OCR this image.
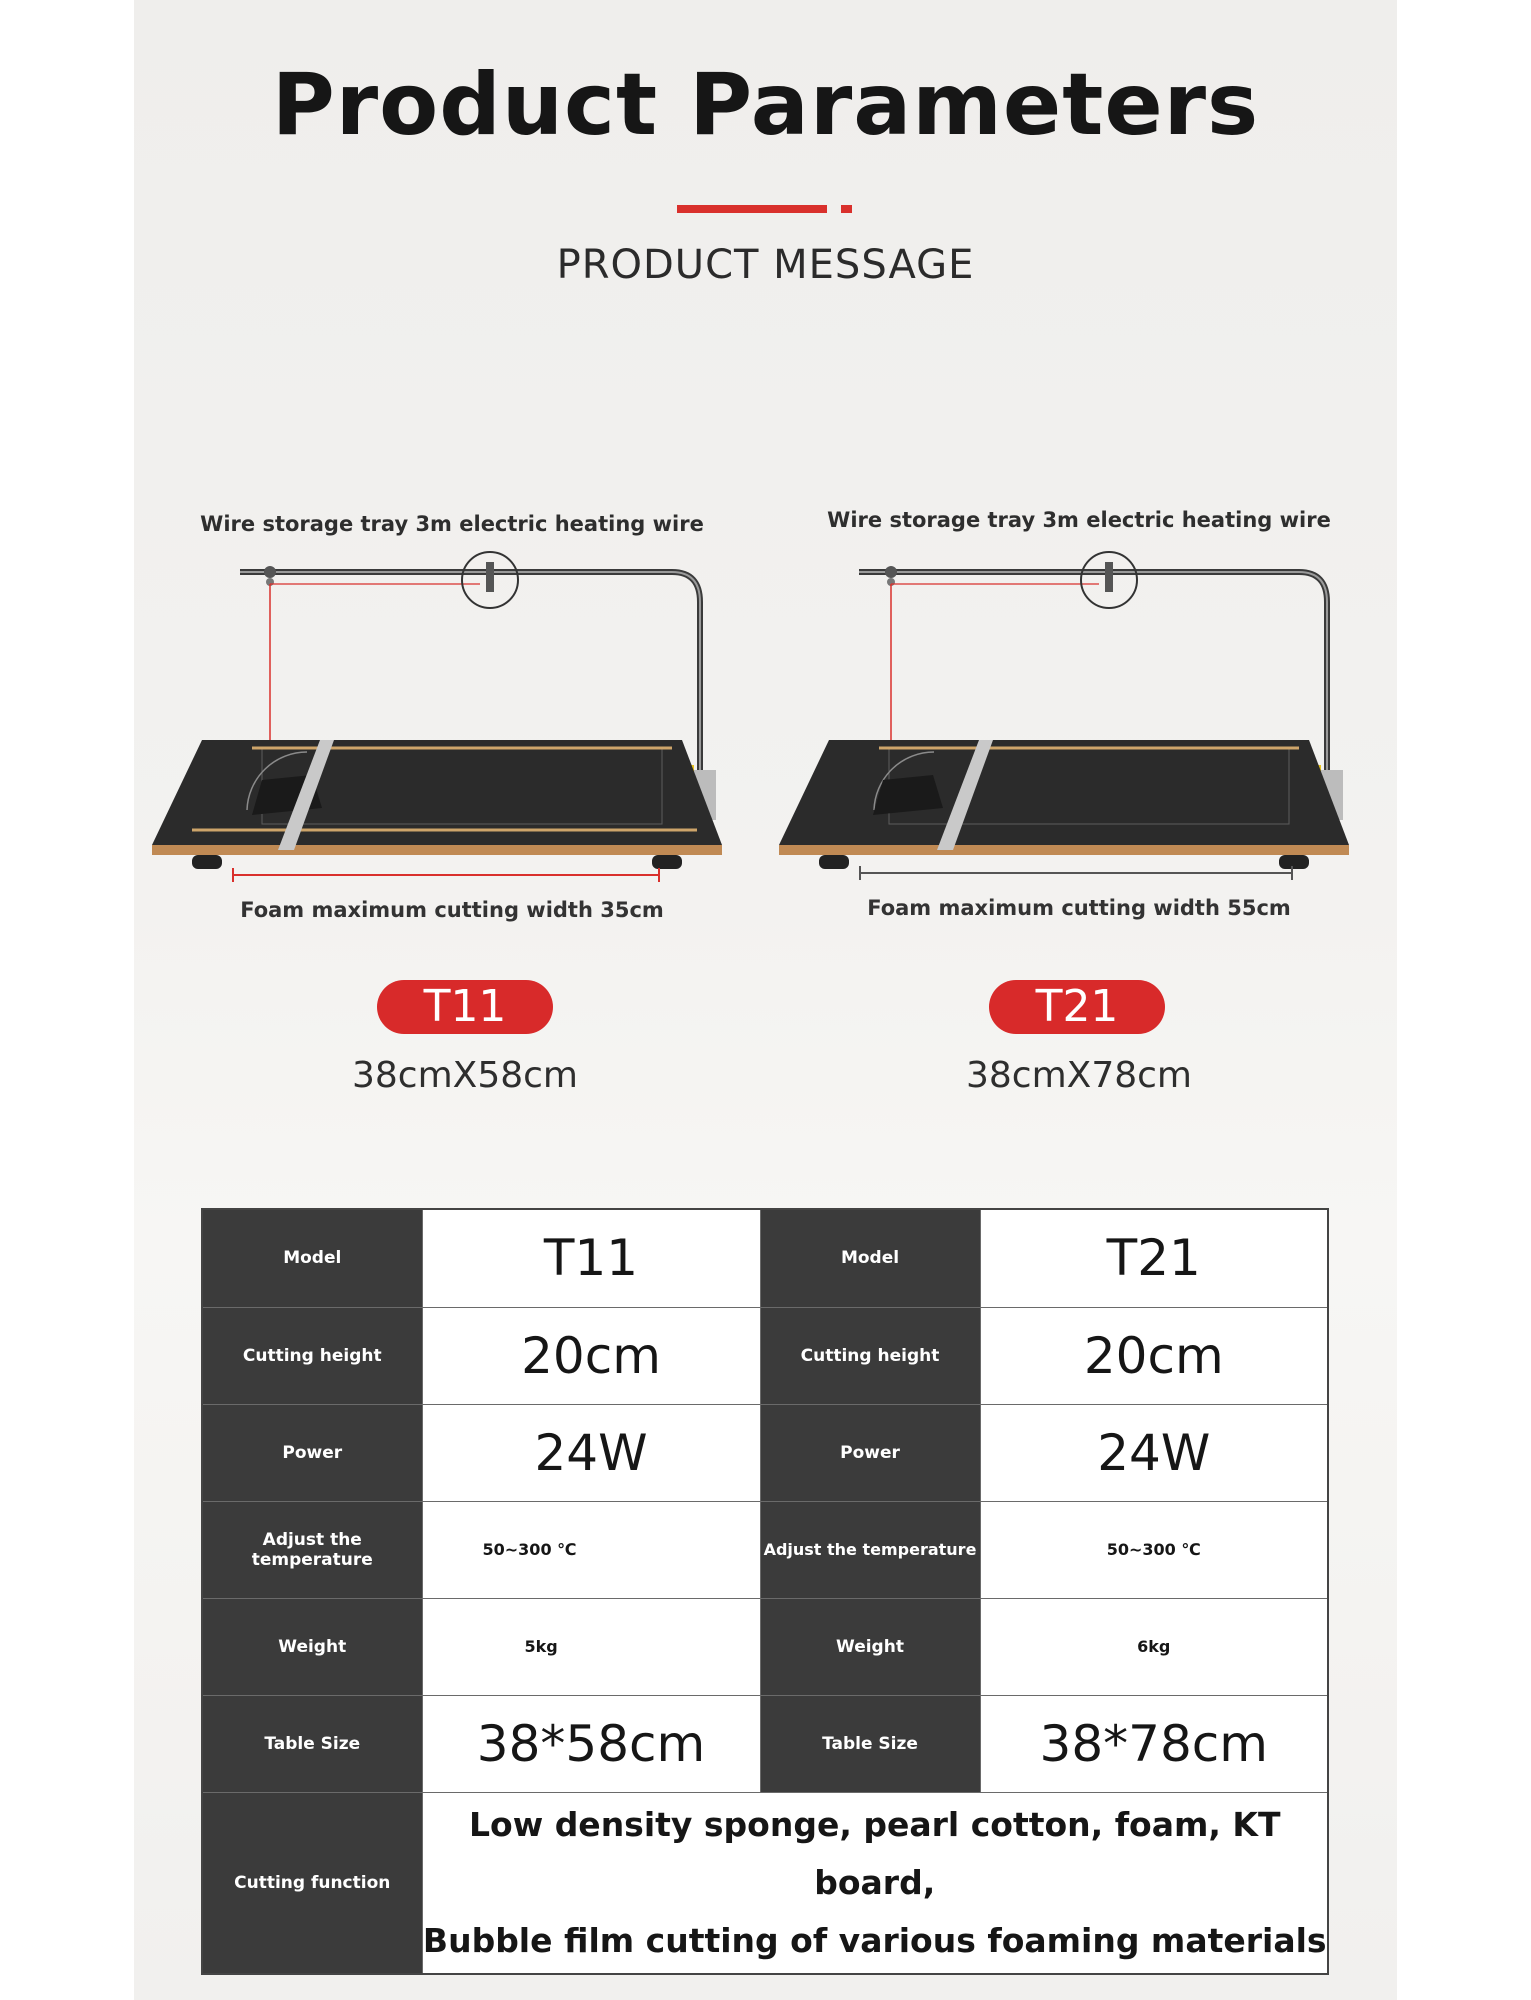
Product Parameters
PRODUCT MESSAGE
Wire storage tray 3m electric heating wire
Foam maximum cutting width 35cm
T11
38cmX58cm
Wire storage tray 3m electric heating wire
Foam maximum cutting width 55cm
T21
38cmX78cm
Model	T11	Model	T21
Cutting height	20cm	Cutting height	20cm
Power	24W	Power	24W
Adjust the temperature	50~300 ℃	Adjust the temperature	50~300 ℃
Weight	5kg	Weight	6kg
Table Size	38*58cm	Table Size	38*78cm
Cutting function	Low density sponge, pearl cotton, foam, KT board,
Bubble film cutting of various foaming materials		
